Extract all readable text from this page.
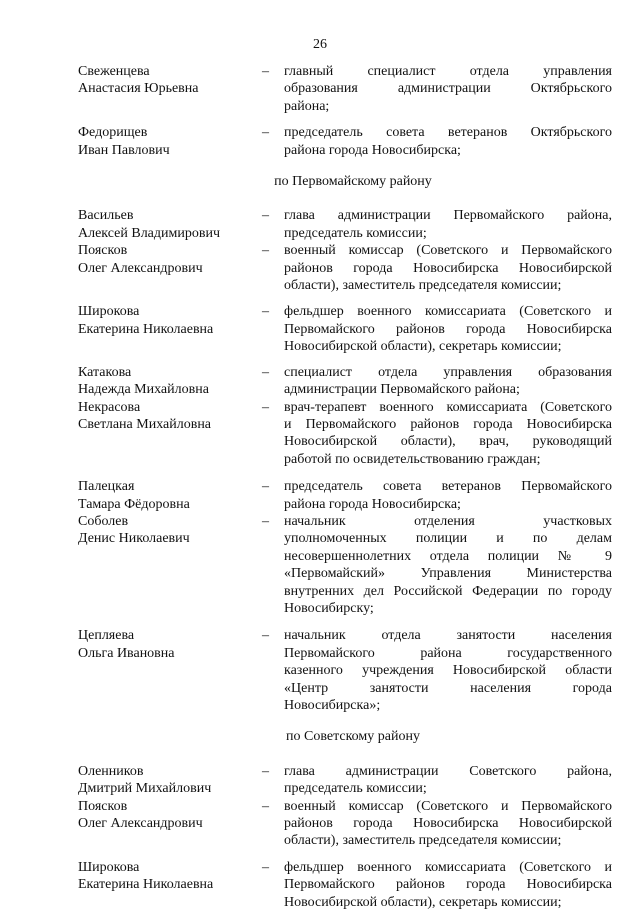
26
Свеженцева
Анастасия Юрьевна
–	главный специалист отдела управления
образования администрации Октябрьского
района;
Федорищев
Иван Павлович
–	председатель совета ветеранов Октябрьского
района города Новосибирска;
по Первомайскому району
Васильев
Алексей Владимирович
–	глава администрации Первомайского района,
председатель комиссии;
Поясков
Олег Александрович
–	военный комиссар (Советского и Первомайского
районов города Новосибирска Новосибирской
области), заместитель председателя комиссии;
Широкова
Екатерина Николаевна
–	фельдшер военного комиссариата (Советского и
Первомайского районов города Новосибирска
Новосибирской области), секретарь комиссии;
Катакова
Надежда Михайловна
–	специалист отдела управления образования
администрации Первомайского района;
Некрасова
Светлана Михайловна
–	врач-терапевт военного комиссариата (Советского
и Первомайского районов города Новосибирска
Новосибирской области), врач, руководящий
работой по освидетельствованию граждан;
Палецкая
Тамара Фёдоровна
–	председатель совета ветеранов Первомайского
района города Новосибирска;
Соболев
Денис Николаевич
–	начальник отделения участковых
уполномоченных полиции и по делам
несовершеннолетних отдела полиции № 9
«Первомайский» Управления Министерства
внутренних дел Российской Федерации по городу
Новосибирску;
Цепляева
Ольга Ивановна
–	начальник отдела занятости населения
Первомайского района государственного
казенного учреждения Новосибирской области
«Центр занятости населения города
Новосибирска»;
по Советскому району
Оленников
Дмитрий Михайлович
–	глава администрации Советского района,
председатель комиссии;
Поясков
Олег Александрович
–	военный комиссар (Советского и Первомайского
районов города Новосибирска Новосибирской
области), заместитель председателя комиссии;
Широкова
Екатерина Николаевна
–	фельдшер военного комиссариата (Советского и
Первомайского районов города Новосибирска
Новосибирской области), секретарь комиссии;
